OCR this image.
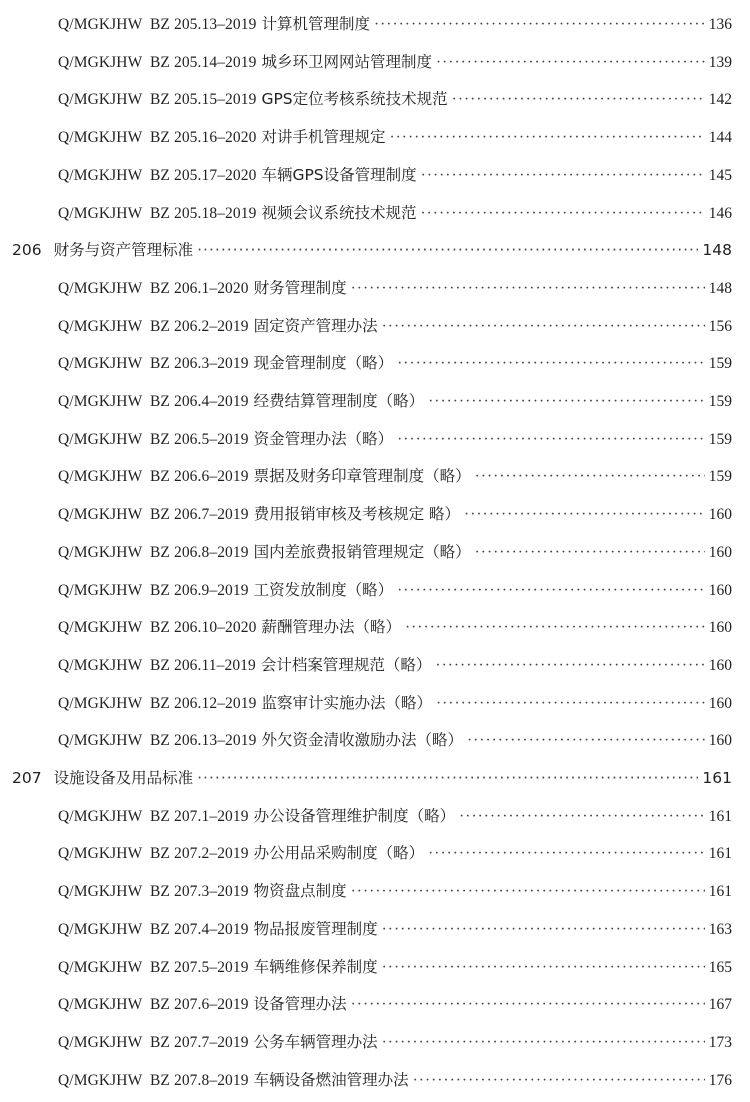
Q/MGKJHW  BZ 205.13–2019 计算机管理制度 ·····	136
Q/MGKJHW  BZ 205.14–2019 城乡环卫网网站管理制度 ·····	139
Q/MGKJHW  BZ 205.15–2019 GPS定位考核系统技术规范 ·····	142
Q/MGKJHW  BZ 205.16–2020 对讲手机管理规定 ·····	144
Q/MGKJHW  BZ 205.17–2020 车辆GPS设备管理制度 ·····	145
Q/MGKJHW  BZ 205.18–2019 视频会议系统技术规范 ·····	146
206 财务与资产管理标准 ·····	148
Q/MGKJHW  BZ 206.1–2020 财务管理制度 ·····	148
Q/MGKJHW  BZ 206.2–2019 固定资产管理办法 ·····	156
Q/MGKJHW  BZ 206.3–2019 现金管理制度（略） ·····	159
Q/MGKJHW  BZ 206.4–2019 经费结算管理制度（略） ·····	159
Q/MGKJHW  BZ 206.5–2019 资金管理办法（略） ·····	159
Q/MGKJHW  BZ 206.6–2019 票据及财务印章管理制度（略） ·····	159
Q/MGKJHW  BZ 206.7–2019 费用报销审核及考核规定 略） ·····	160
Q/MGKJHW  BZ 206.8–2019 国内差旅费报销管理规定（略） ·····	160
Q/MGKJHW  BZ 206.9–2019 工资发放制度（略） ·····	160
Q/MGKJHW  BZ 206.10–2020 薪酬管理办法（略） ·····	160
Q/MGKJHW  BZ 206.11–2019 会计档案管理规范（略） ·····	160
Q/MGKJHW  BZ 206.12–2019 监察审计实施办法（略） ·····	160
Q/MGKJHW  BZ 206.13–2019 外欠资金清收激励办法（略） ·····	160
207 设施设备及用品标准 ·····	161
Q/MGKJHW  BZ 207.1–2019 办公设备管理维护制度（略） ·····	161
Q/MGKJHW  BZ 207.2–2019 办公用品采购制度（略） ·····	161
Q/MGKJHW  BZ 207.3–2019 物资盘点制度 ·····	161
Q/MGKJHW  BZ 207.4–2019 物品报废管理制度 ·····	163
Q/MGKJHW  BZ 207.5–2019 车辆维修保养制度 ·····	165
Q/MGKJHW  BZ 207.6–2019 设备管理办法 ·····	167
Q/MGKJHW  BZ 207.7–2019 公务车辆管理办法 ·····	173
Q/MGKJHW  BZ 207.8–2019 车辆设备燃油管理办法 ·····	176
